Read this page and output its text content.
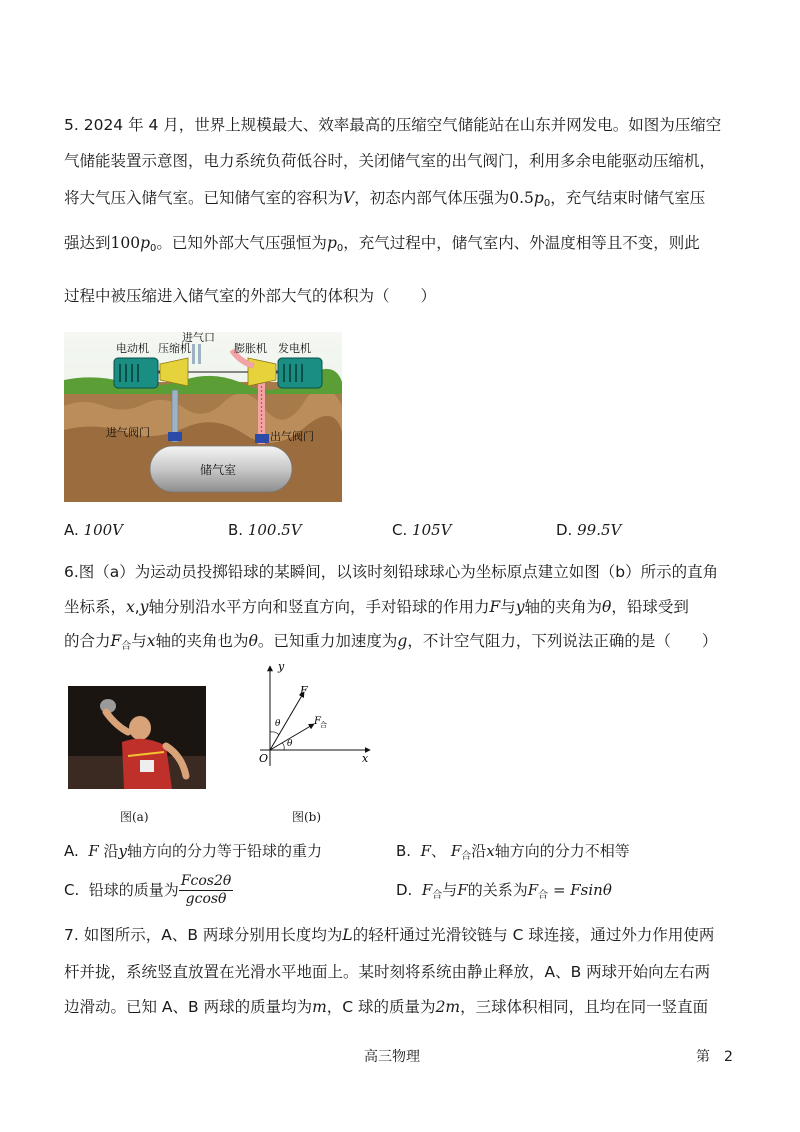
5. 2024 年 4 月，世界上规模最大、效率最高的压缩空气储能站在山东并网发电。如图为压缩空
气储能装置示意图，电力系统负荷低谷时，关闭储气室的出气阀门，利用多余电能驱动压缩机，
将大气压入储气室。已知储气室的容积为V，初态内部气体压强为$0.5p_0$，充气结束时储气室压
强达到$100p_0$。已知外部大气压强恒为$p_0$，充气过程中，储气室内、外温度相等且不变，则此
过程中被压缩进入储气室的外部大气的体积为（　　）
电动机 压缩机
进气口
膨胀机 发电机
进气阀门	出气阀门
储气室
A. 100V	B. 100.5V	C. 105V	D. 99.5V
6.图（a）为运动员投掷铅球的某瞬间，以该时刻铅球球心为坐标原点建立如图（b）所示的直角
坐标系，x,y轴分别沿水平方向和竖直方向，手对铅球的作用力F与y轴的夹角为θ，铅球受到
的合力$F_合$与x轴的夹角也为θ。已知重力加速度为g，不计空气阻力，下列说法正确的是（　　）
图(a)
y
x
O
F
F 合
θ
θ
图(b)
A. F 沿y轴方向的分力等于铅球的重力	B. F、 $F_合$沿x轴方向的分力不相等
C. 铅球的质量为 $\frac{Fcos2\theta}{gcos\theta}$	D. $F_合$与F的关系为$F_合 = Fsin\theta$
7. 如图所示，A、B 两球分别用长度均为L的轻杆通过光滑铰链与 C 球连接，通过外力作用使两
杆并拢，系统竖直放置在光滑水平地面上。某时刻将系统由静止释放，A、B 两球开始向左右两
边滑动。已知 A、B 两球的质量均为m，C 球的质量为2m，三球体积相同，且均在同一竖直面
高三物理	第　2
